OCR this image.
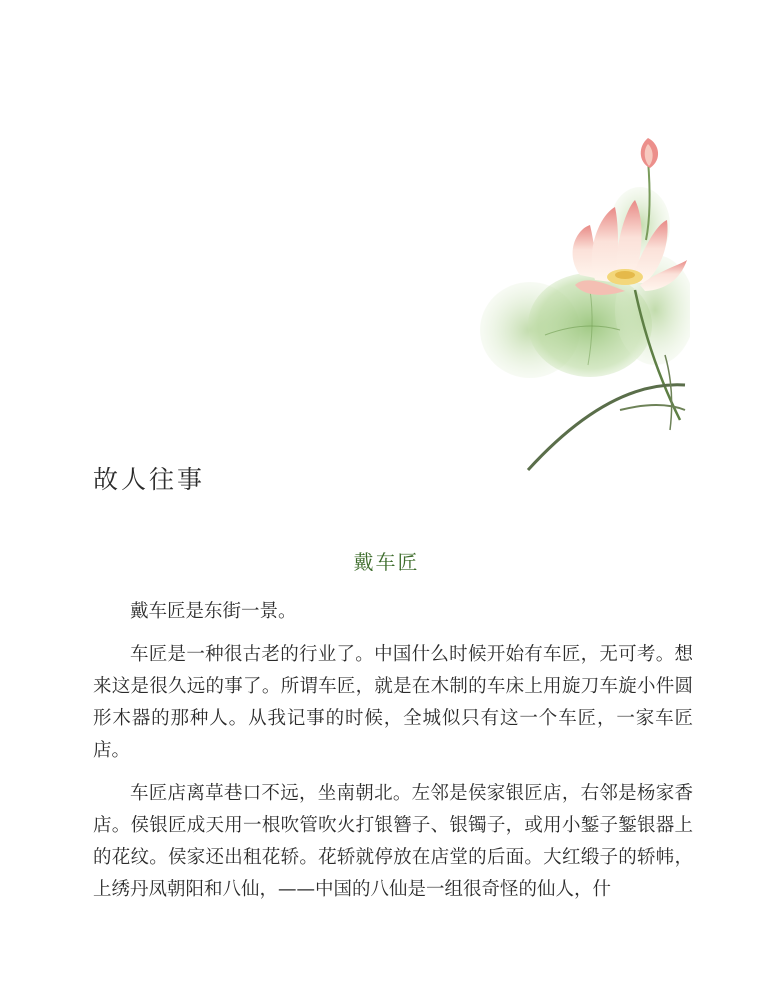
故人往事
戴车匠

戴车匠是东街一景。

车匠是一种很古老的行业了。中国什么时候开始有车匠，无可考。想来这是很久远的事了。所谓车匠，就是在木制的车床上用旋刀车旋小件圆形木器的那种人。从我记事的时候，全城似只有这一个车匠，一家车匠店。

车匠店离草巷口不远，坐南朝北。左邻是侯家银匠店，右邻是杨家香店。侯银匠成天用一根吹管吹火打银簪子、银镯子，或用小錾子錾银器上的花纹。侯家还出租花轿。花轿就停放在店堂的后面。大红缎子的轿帏，上绣丹凤朝阳和八仙，——中国的八仙是一组很奇怪的仙人，什
